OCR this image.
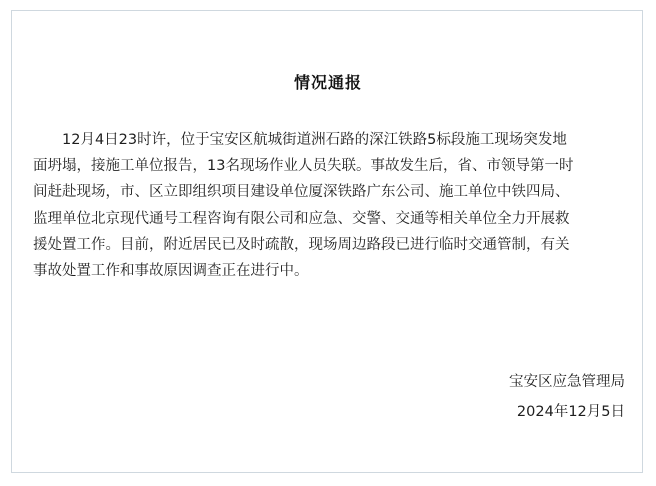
情况通报
12月4日23时许，位于宝安区航城街道洲石路的深江铁路5标段施工现场突发地
面坍塌，接施工单位报告，13名现场作业人员失联。事故发生后，省、市领导第一时
间赶赴现场，市、区立即组织项目建设单位厦深铁路广东公司、施工单位中铁四局、
监理单位北京现代通号工程咨询有限公司和应急、交警、交通等相关单位全力开展救
援处置工作。目前，附近居民已及时疏散，现场周边路段已进行临时交通管制，有关
事故处置工作和事故原因调查正在进行中。
宝安区应急管理局
2024年12月5日
